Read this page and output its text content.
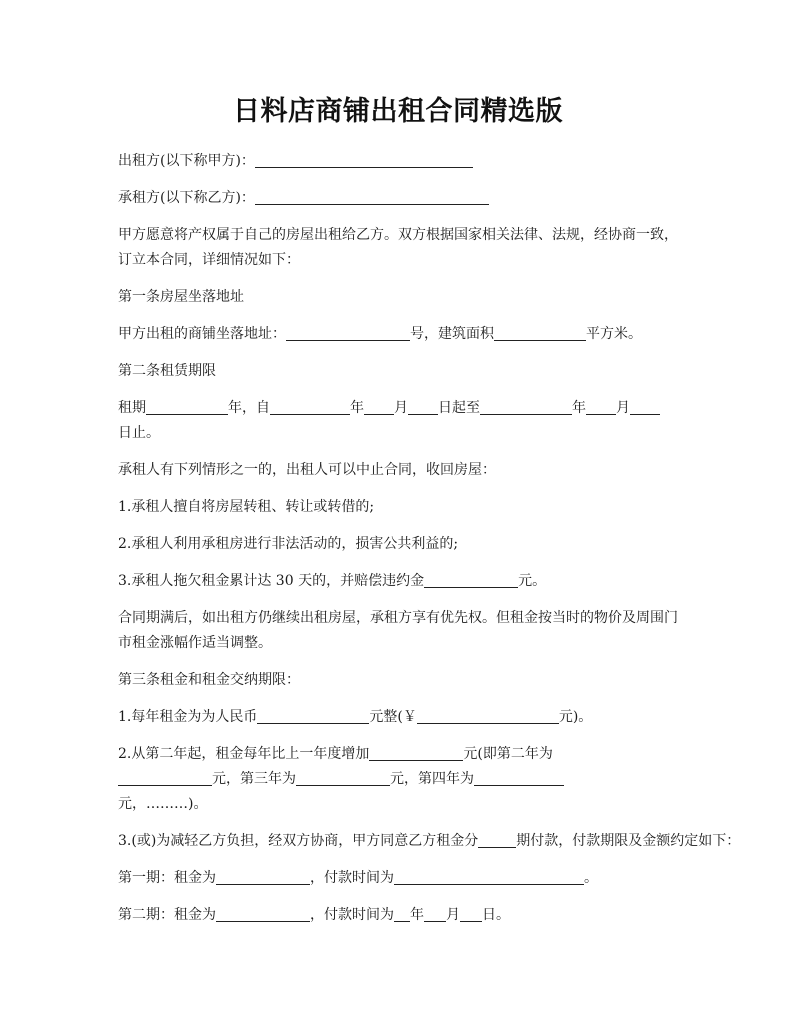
日料店商铺出租合同精选版

出租方(以下称甲方)：

承租方(以下称乙方)：

甲方愿意将产权属于自己的房屋出租给乙方。双方根据国家相关法律、法规，经协商一致，订立本合同，详细情况如下：

第一条房屋坐落地址

甲方出租的商铺坐落地址：	号，建筑面积	平方米。

第二条租赁期限

租期	年，自	年 月 日起至	年 月
日止。

承租人有下列情形之一的，出租人可以中止合同，收回房屋：

1.承租人擅自将房屋转租、转让或转借的;

2.承租人利用承租房进行非法活动的，损害公共利益的;

3.承租人拖欠租金累计达 30 天的，并赔偿违约金	元。

合同期满后，如出租方仍继续出租房屋，承租方享有优先权。但租金按当时的物价及周围门市租金涨幅作适当调整。

第三条租金和租金交纳期限：

1.每年租金为为人民币	元整(￥	元)。

2.从第二年起，租金每年比上一年度增加	元(即第二年为
元，第三年为	元，第四年为
元，………)。

3.(或)为减轻乙方负担，经双方协商，甲方同意乙方租金分	期付款，付款期限及金额约定如下：

第一期：租金为	，付款时间为	。

第二期：租金为	，付款时间为 年 月 日。
